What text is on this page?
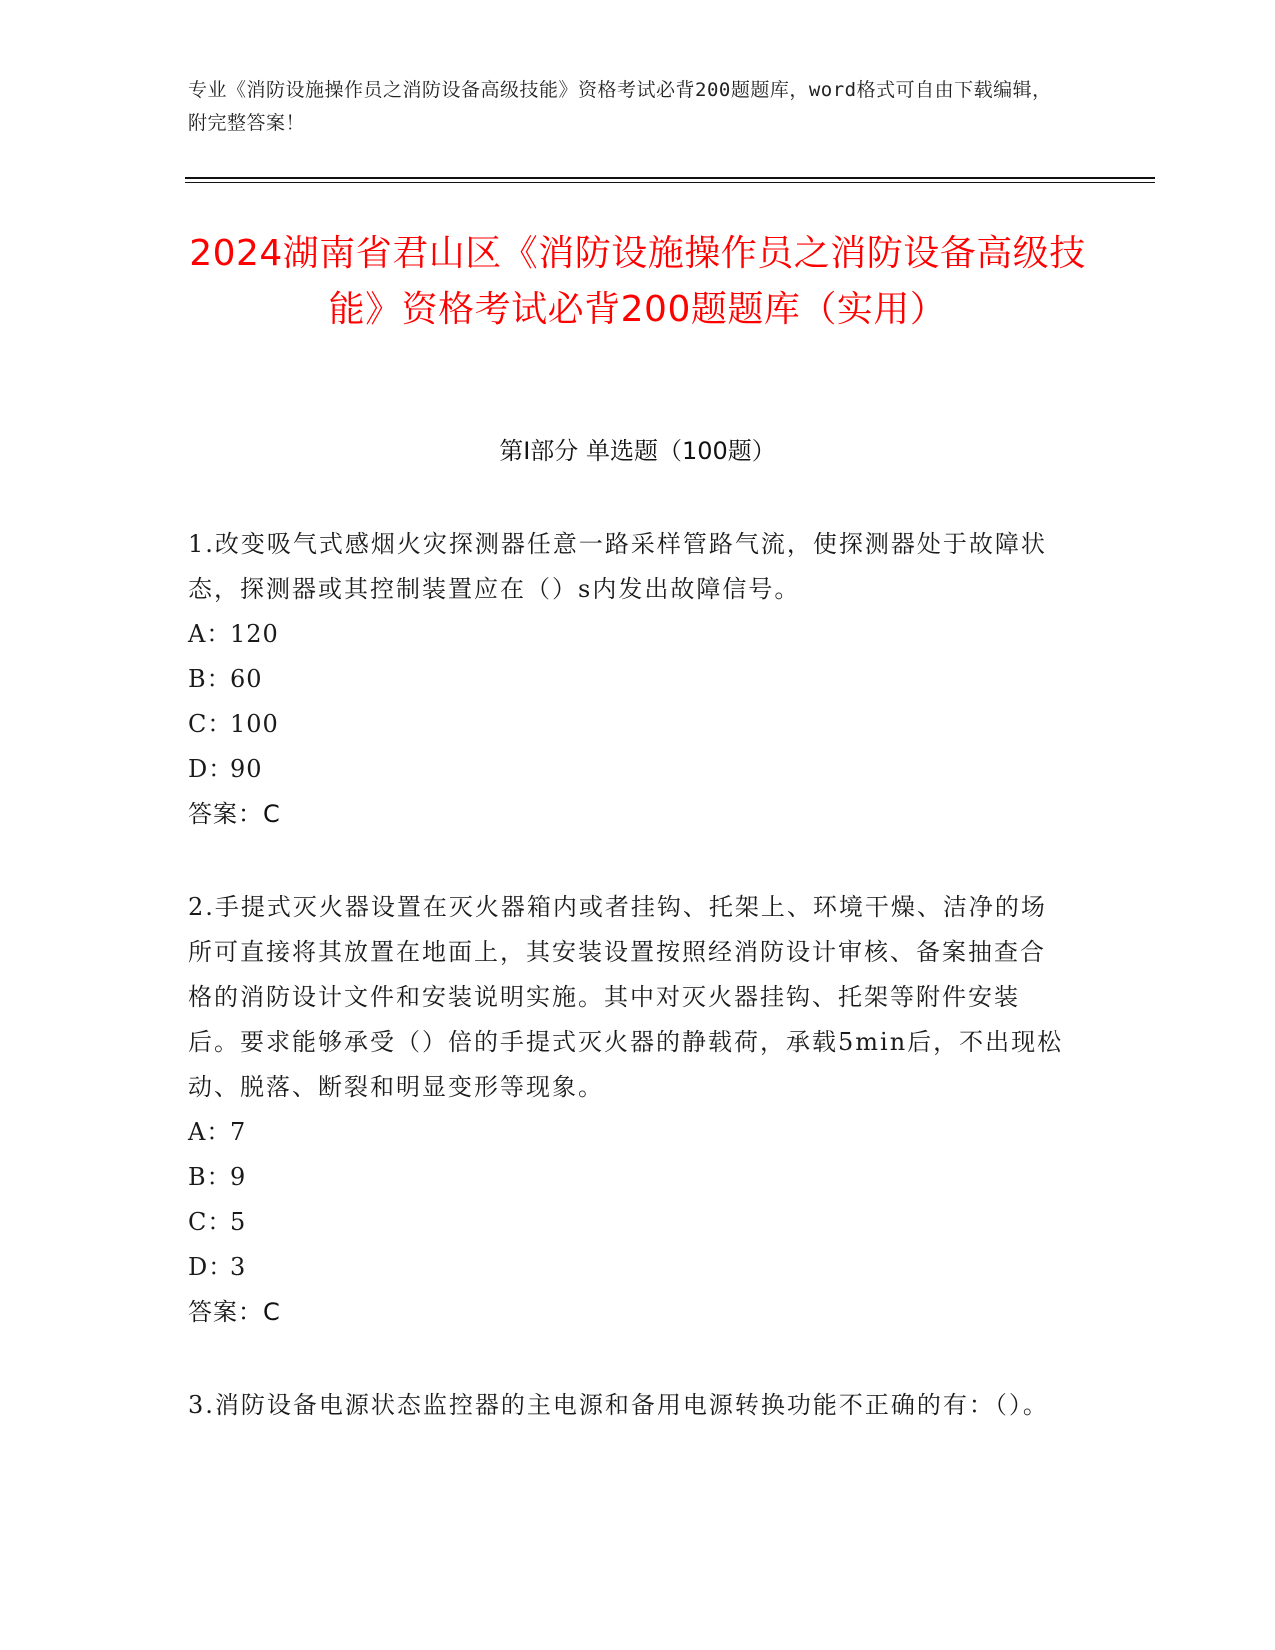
专业《消防设施操作员之消防设备高级技能》资格考试必背200题题库，word格式可自由下载编辑，附完整答案！
2024湖南省君山区《消防设施操作员之消防设备高级技能》资格考试必背200题题库（实用）
第Ⅰ部分 单选题（100题）

1.改变吸气式感烟火灾探测器任意一路采样管路气流，使探测器处于故障状态，探测器或其控制装置应在（）s内发出故障信号。

A：
120
B：
60
C：
100
D：
90
答案：C

2.手提式灭火器设置在灭火器箱内或者挂钩、托架上、环境干燥、洁净的场所可直接将其放置在地面上，其安装设置按照经消防设计审核、备案抽查合格的消防设计文件和安装说明实施。其中对灭火器挂钩、托架等附件安装后。要求能够承受（）倍的手提式灭火器的静载荷，承载5min后，不出现松动、脱落、断裂和明显变形等现象。

A：
7
B：
9
C：
5
D：
3
答案：C

3.消防设备电源状态监控器的主电源和备用电源转换功能不正确的有：（）。
